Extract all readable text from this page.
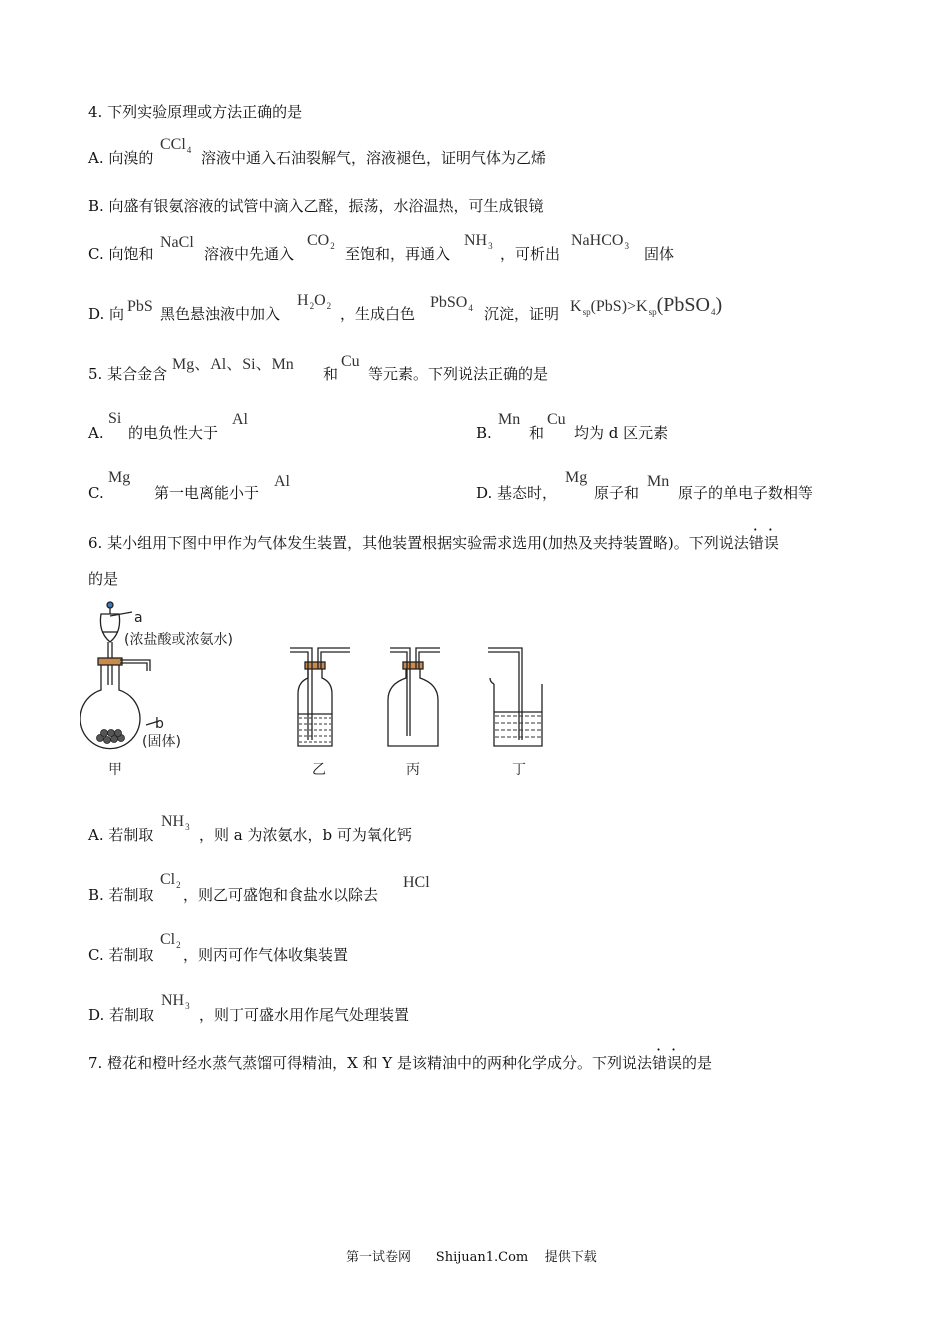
4. 下列实验原理或方法正确的是
A. 向溴的
CCl$_4$ 溶液中通入石油裂解气，溶液褪色，证明气体为乙烯
B. 向盛有银氨溶液的试管中滴入乙醛，振荡，水浴温热，可生成银镜
C. 向饱和
NaCl
溶液中先通入
$CO_2$ 至饱和，再通入
$NH_3$ ，可析出
NaHCO$_3$ 固体
D. 向 PbS 黑色悬浊液中加入
$H_2O_2$ ，生成白色
PbSO$_4$ 沉淀，证明 $K_{sp}(PbS)>K_{sp}(PbSO_4)$
5. 某合金含
Mg、Al、Si、Mn
和
Cu
等元素。下列说法正确的是
A.
Si
的电负性大于
Al
B.
Mn
和
Cu
均为 d 区元素
C.
Mg
第一电离能小于
Al
D. 基态时，
Mg
原子和
Mn
原子的单电子数相等
6. 某小组用下图中甲作为气体发生装置，其他装置根据实验需求选用(加热及夹持装置略)。下列说法错误
的是
a
(浓盐酸或浓氨水)
b
(固体)
甲	乙	丙	丁
A. 若制取
$NH_3$ ，则 a 为浓氨水，b 可为氧化钙
B. 若制取
$Cl_2$
，则乙可盛饱和食盐水以除去
HCl
C. 若制取
$Cl_2$
，则丙可作气体收集装置
D. 若制取
$NH_3$ ，则丁可盛水用作尾气处理装置
7. 橙花和橙叶经水蒸气蒸馏可得精油，X 和 Y 是该精油中的两种化学成分。下列说法错误的是
第一试卷网      Shijuan1.Com    提供下载
